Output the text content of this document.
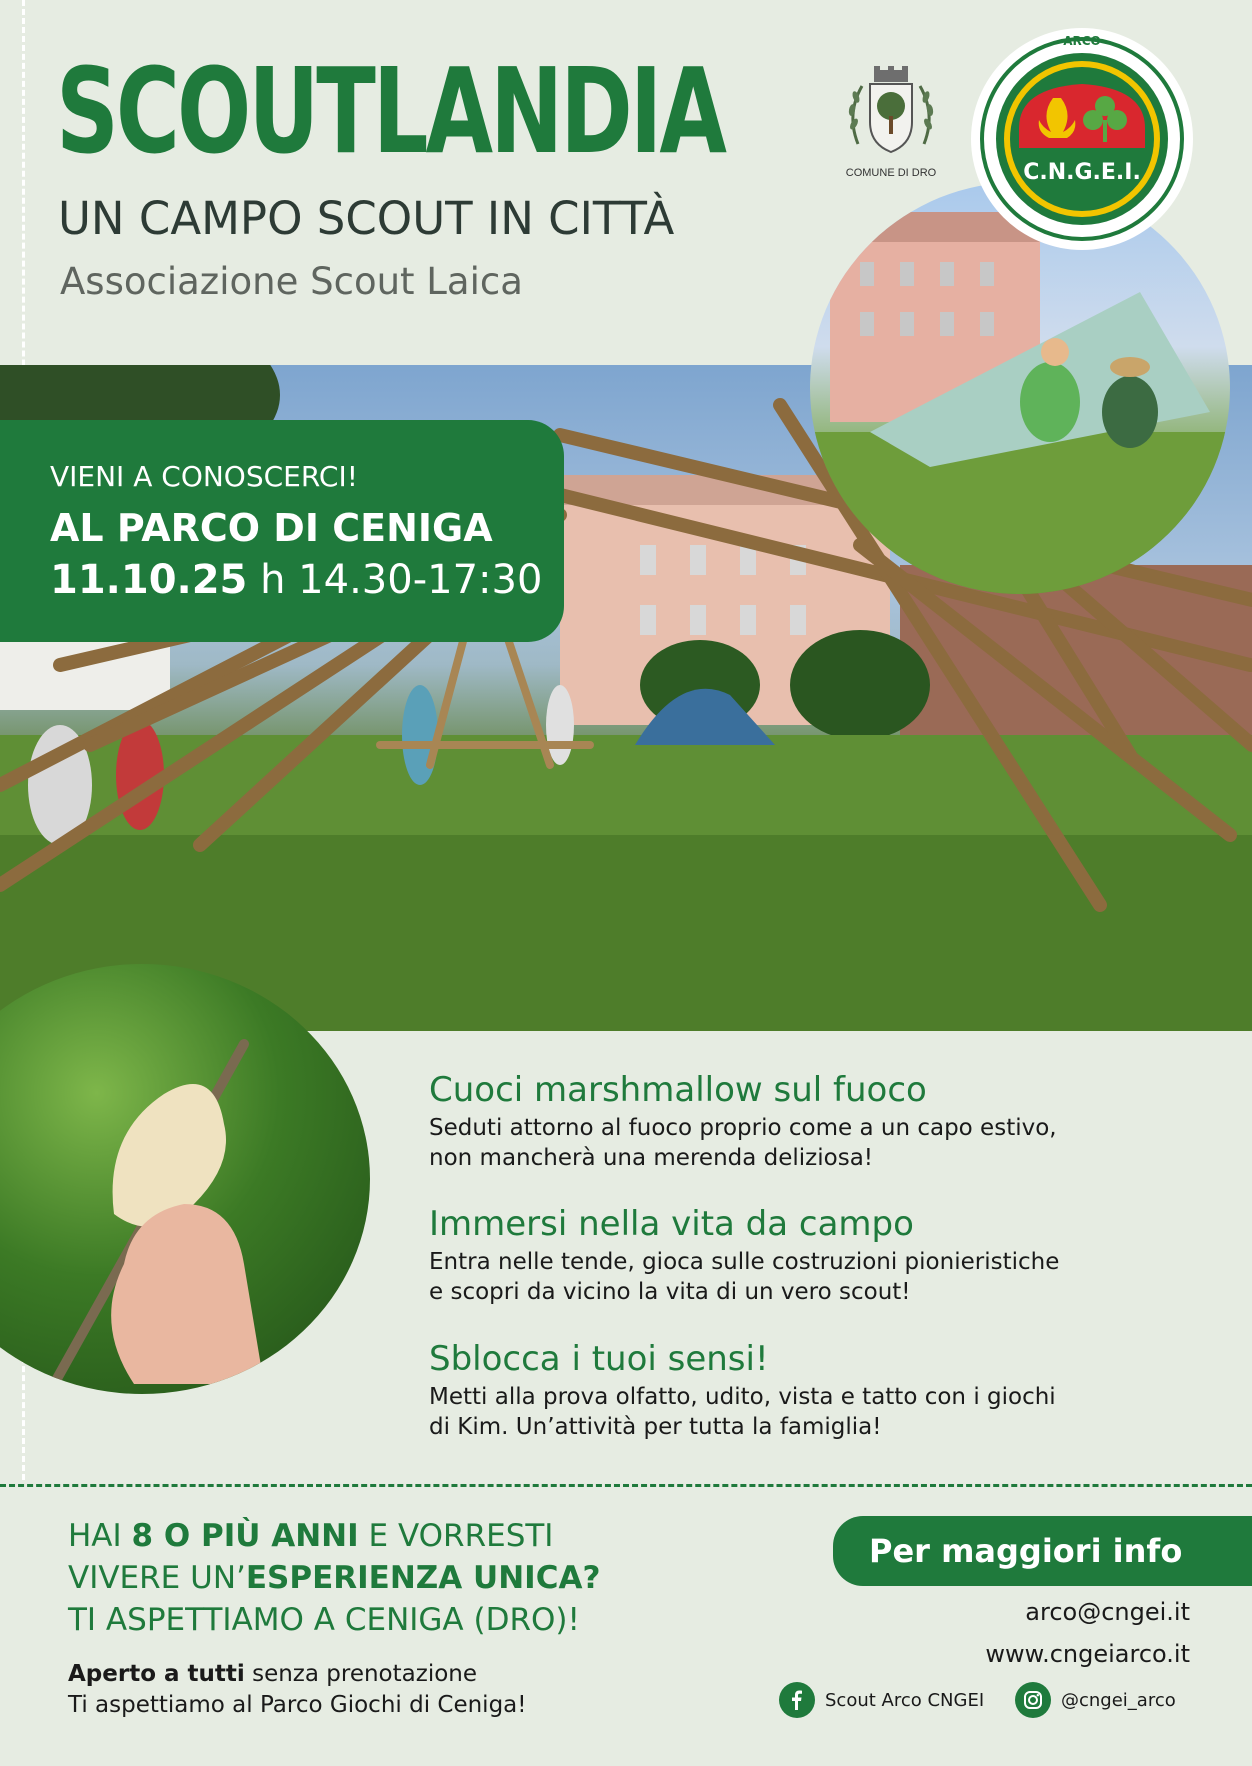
SCOUTLANDIA
UN CAMPO SCOUT IN CITTÀ
Associazione Scout Laica
COMUNE DI DRO
ARCO
C.N.G.E.I.
VIENI A CONOSCERCI!
AL PARCO DI CENIGA
11.10.25 h 14.30-17:30
Cuoci marshmallow sul fuoco

Seduti attorno al fuoco proprio come a un capo estivo,
non mancherà una merenda deliziosa!

Immersi nella vita da campo

Entra nelle tende, gioca sulle costruzioni pionieristiche
e scopri da vicino la vita di un vero scout!

Sblocca i tuoi sensi!

Metti alla prova olfatto, udito, vista e tatto con i giochi
di Kim. Un’attività per tutta la famiglia!

HAI 8 O PIÙ ANNI E VORRESTI
VIVERE UN’ESPERIENZA UNICA?
TI ASPETTIAMO A CENIGA (DRO)!
Aperto a tutti senza prenotazione
Ti aspettiamo al Parco Giochi di Ceniga!
Per maggiori info
arco@cngei.it
www.cngeiarco.it
Scout Arco CNGEI	@cngei_arco
